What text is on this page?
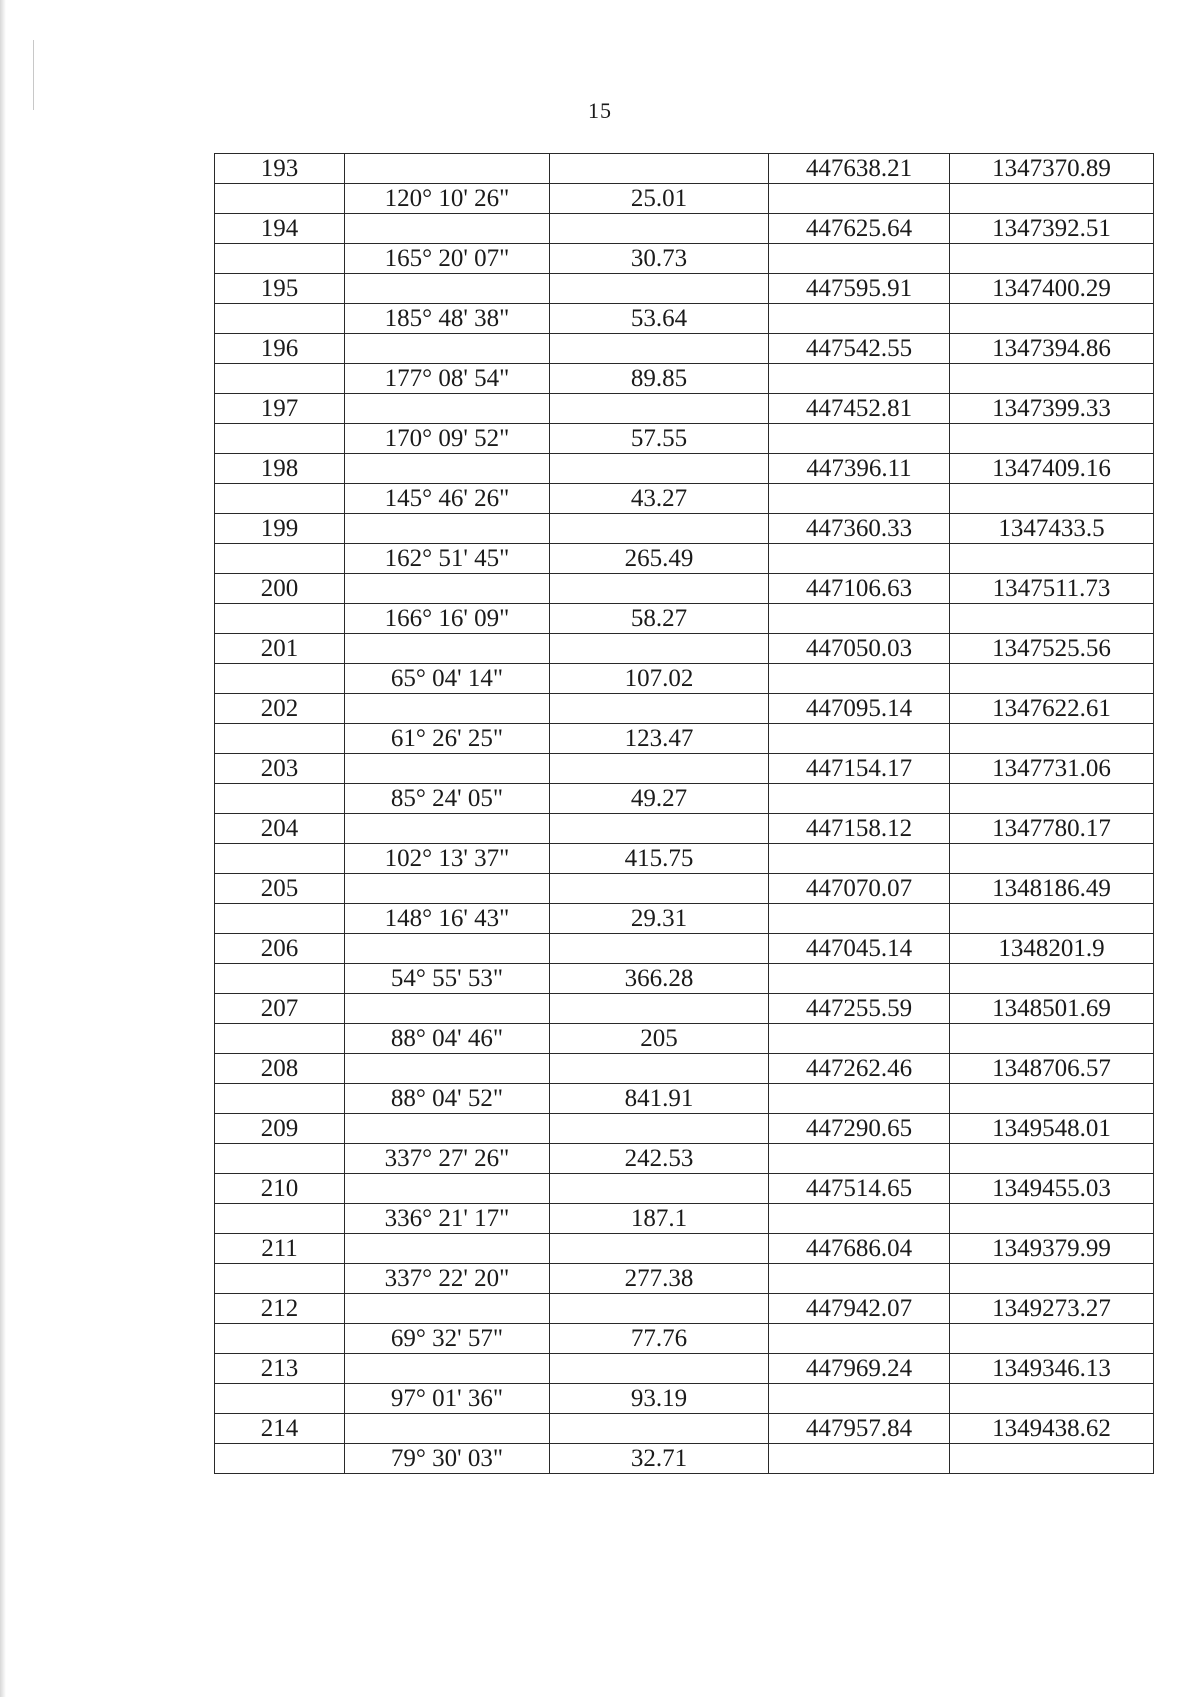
15
193			447638.21	1347370.89
	120° 10' 26"	25.01		
194			447625.64	1347392.51
	165° 20' 07"	30.73		
195			447595.91	1347400.29
	185° 48' 38"	53.64		
196			447542.55	1347394.86
	177° 08' 54"	89.85		
197			447452.81	1347399.33
	170° 09' 52"	57.55		
198			447396.11	1347409.16
	145° 46' 26"	43.27		
199			447360.33	1347433.5
	162° 51' 45"	265.49		
200			447106.63	1347511.73
	166° 16' 09"	58.27		
201			447050.03	1347525.56
	65° 04' 14"	107.02		
202			447095.14	1347622.61
	61° 26' 25"	123.47		
203			447154.17	1347731.06
	85° 24' 05"	49.27		
204			447158.12	1347780.17
	102° 13' 37"	415.75		
205			447070.07	1348186.49
	148° 16' 43"	29.31		
206			447045.14	1348201.9
	54° 55' 53"	366.28		
207			447255.59	1348501.69
	88° 04' 46"	205		
208			447262.46	1348706.57
	88° 04' 52"	841.91		
209			447290.65	1349548.01
	337° 27' 26"	242.53		
210			447514.65	1349455.03
	336° 21' 17"	187.1		
211			447686.04	1349379.99
	337° 22' 20"	277.38		
212			447942.07	1349273.27
	69° 32' 57"	77.76		
213			447969.24	1349346.13
	97° 01' 36"	93.19		
214			447957.84	1349438.62
	79° 30' 03"	32.71		
